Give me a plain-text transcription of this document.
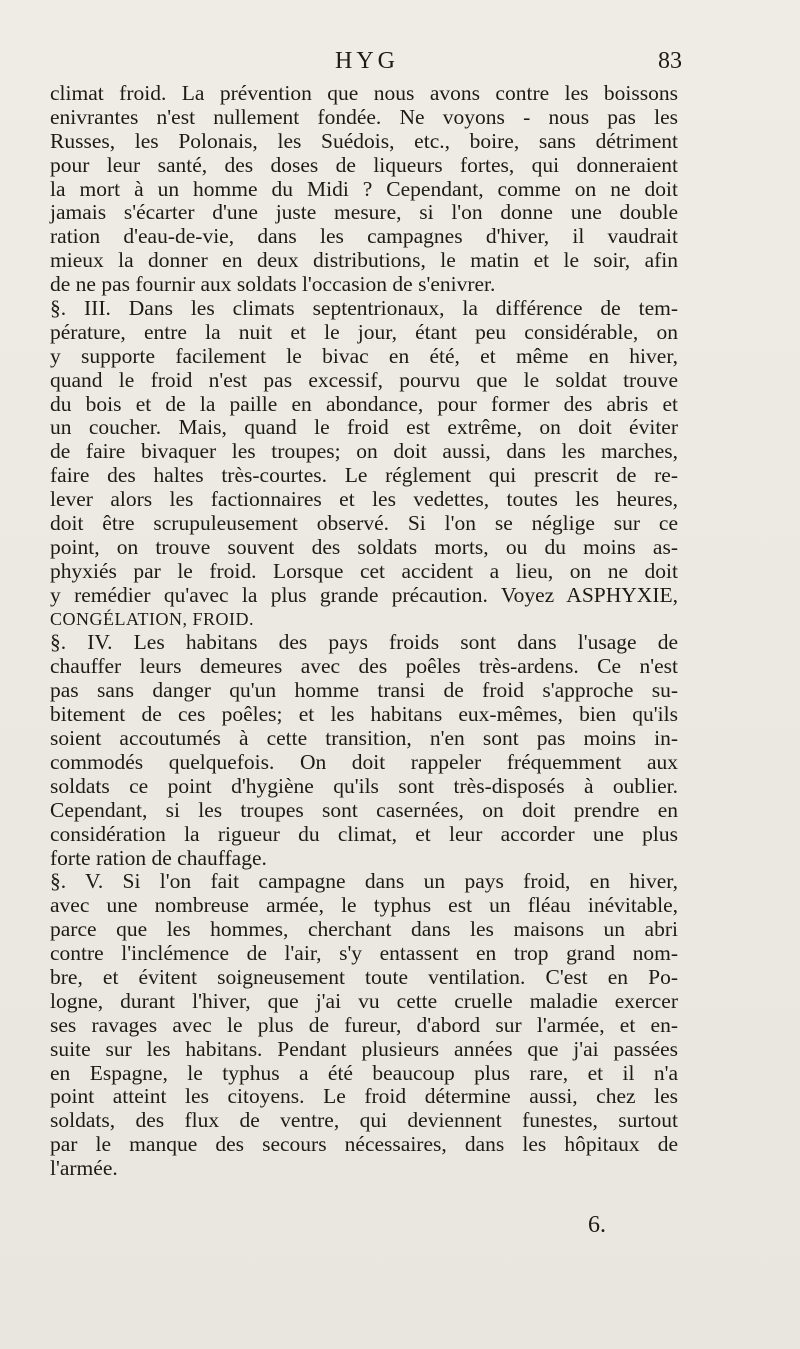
HYG	83
climat froid. La prévention que nous avons contre les boissons
enivrantes n'est nullement fondée. Ne voyons - nous pas les
Russes, les Polonais, les Suédois, etc., boire, sans détriment
pour leur santé, des doses de liqueurs fortes, qui donneraient
la mort à un homme du Midi ? Cependant, comme on ne doit
jamais s'écarter d'une juste mesure, si l'on donne une double
ration d'eau-de-vie, dans les campagnes d'hiver, il vaudrait
mieux la donner en deux distributions, le matin et le soir, afin
de ne pas fournir aux soldats l'occasion de s'enivrer.
§. III. Dans les climats septentrionaux, la différence de tem-
pérature, entre la nuit et le jour, étant peu considérable, on
y supporte facilement le bivac en été, et même en hiver,
quand le froid n'est pas excessif, pourvu que le soldat trouve
du bois et de la paille en abondance, pour former des abris et
un coucher. Mais, quand le froid est extrême, on doit éviter
de faire bivaquer les troupes; on doit aussi, dans les marches,
faire des haltes très-courtes. Le réglement qui prescrit de re-
lever alors les factionnaires et les vedettes, toutes les heures,
doit être scrupuleusement observé. Si l'on se néglige sur ce
point, on trouve souvent des soldats morts, ou du moins as-
phyxiés par le froid. Lorsque cet accident a lieu, on ne doit
y remédier qu'avec la plus grande précaution. Voyez ASPHYXIE,
CONGÉLATION, FROID.
§. IV. Les habitans des pays froids sont dans l'usage de
chauffer leurs demeures avec des poêles très-ardens. Ce n'est
pas sans danger qu'un homme transi de froid s'approche su-
bitement de ces poêles; et les habitans eux-mêmes, bien qu'ils
soient accoutumés à cette transition, n'en sont pas moins in-
commodés quelquefois. On doit rappeler fréquemment aux
soldats ce point d'hygiène qu'ils sont très-disposés à oublier.
Cependant, si les troupes sont casernées, on doit prendre en
considération la rigueur du climat, et leur accorder une plus
forte ration de chauffage.
§. V. Si l'on fait campagne dans un pays froid, en hiver,
avec une nombreuse armée, le typhus est un fléau inévitable,
parce que les hommes, cherchant dans les maisons un abri
contre l'inclémence de l'air, s'y entassent en trop grand nom-
bre, et évitent soigneusement toute ventilation. C'est en Po-
logne, durant l'hiver, que j'ai vu cette cruelle maladie exercer
ses ravages avec le plus de fureur, d'abord sur l'armée, et en-
suite sur les habitans. Pendant plusieurs années que j'ai passées
en Espagne, le typhus a été beaucoup plus rare, et il n'a
point atteint les citoyens. Le froid détermine aussi, chez les
soldats, des flux de ventre, qui deviennent funestes, surtout
par le manque des secours nécessaires, dans les hôpitaux de
l'armée.
6.
